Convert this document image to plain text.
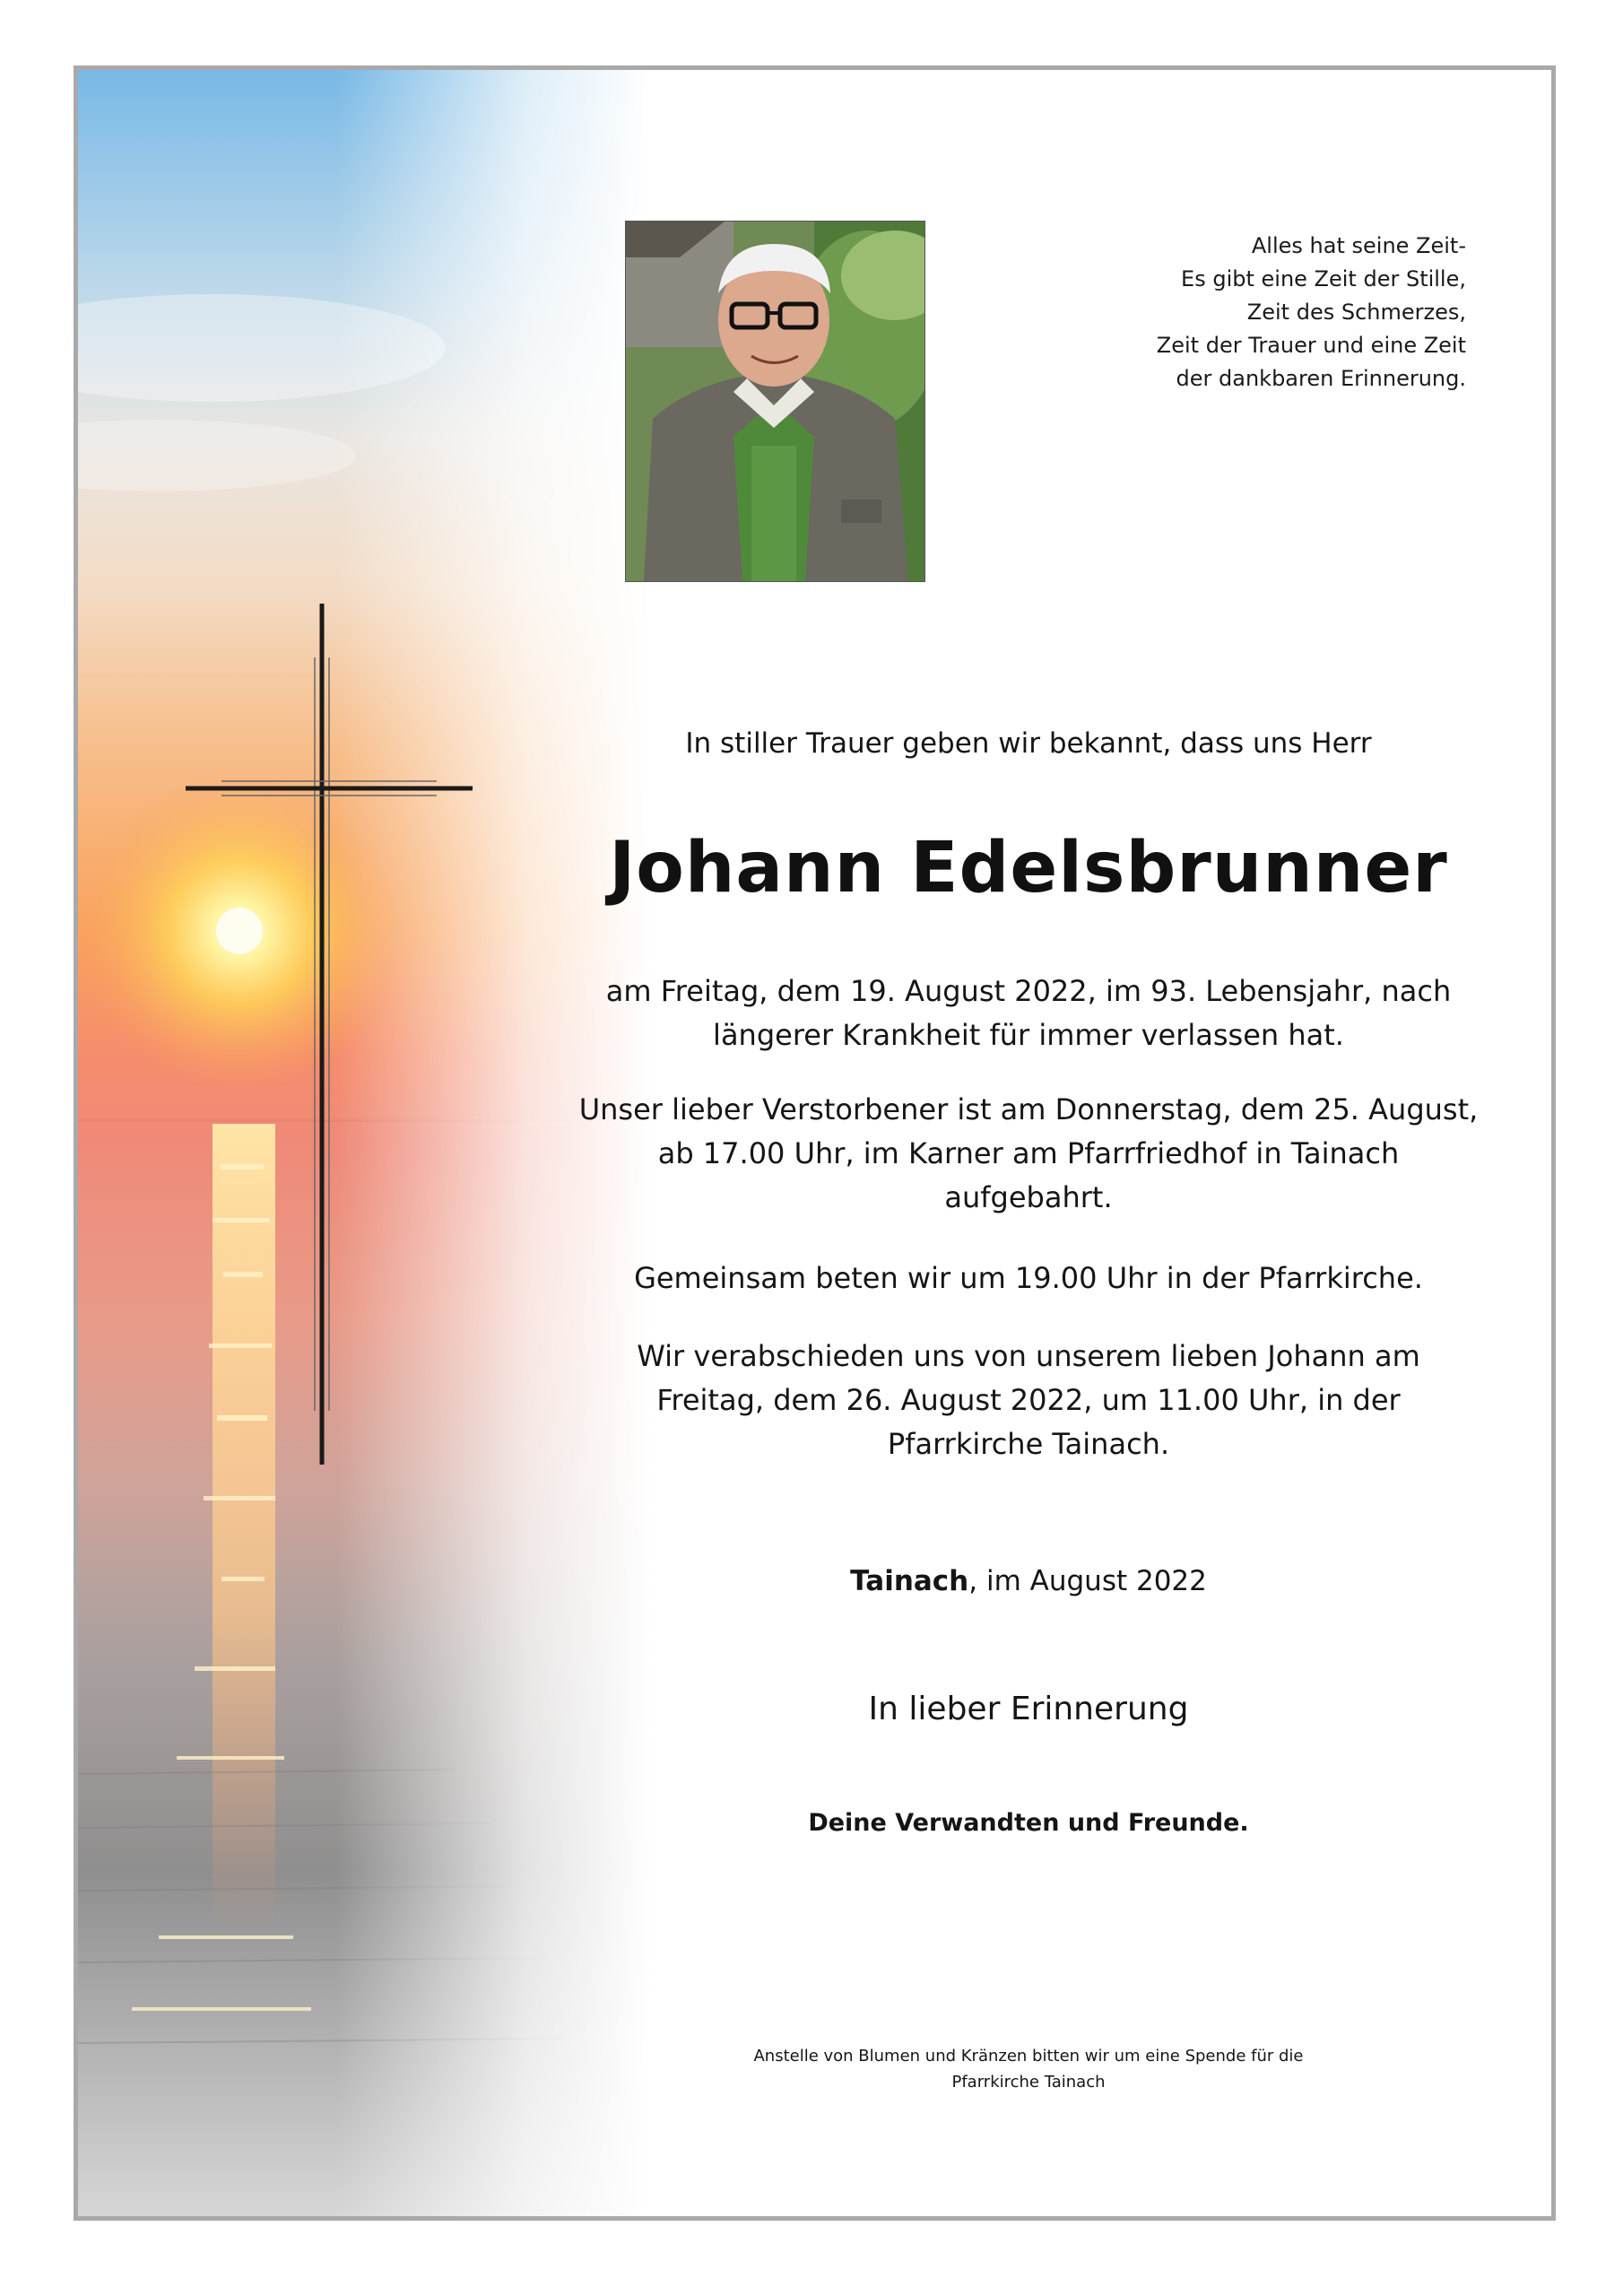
Alles hat seine Zeit-
Es gibt eine Zeit der Stille,
Zeit des Schmerzes,
Zeit der Trauer und eine Zeit
der dankbaren Erinnerung.
In stiller Trauer geben wir bekannt, dass uns Herr
Johann Edelsbrunner
am Freitag, dem 19. August 2022, im 93. Lebensjahr, nach
längerer Krankheit für immer verlassen hat.
Unser lieber Verstorbener ist am Donnerstag, dem 25. August,
ab 17.00 Uhr, im Karner am Pfarrfriedhof in Tainach
aufgebahrt.
Gemeinsam beten wir um 19.00 Uhr in der Pfarrkirche.
Wir verabschieden uns von unserem lieben Johann am
Freitag, dem 26. August 2022, um 11.00 Uhr, in der
Pfarrkirche Tainach.
Tainach, im August 2022
In lieber Erinnerung
Deine Verwandten und Freunde.
Anstelle von Blumen und Kränzen bitten wir um eine Spende für die
Pfarrkirche Tainach
